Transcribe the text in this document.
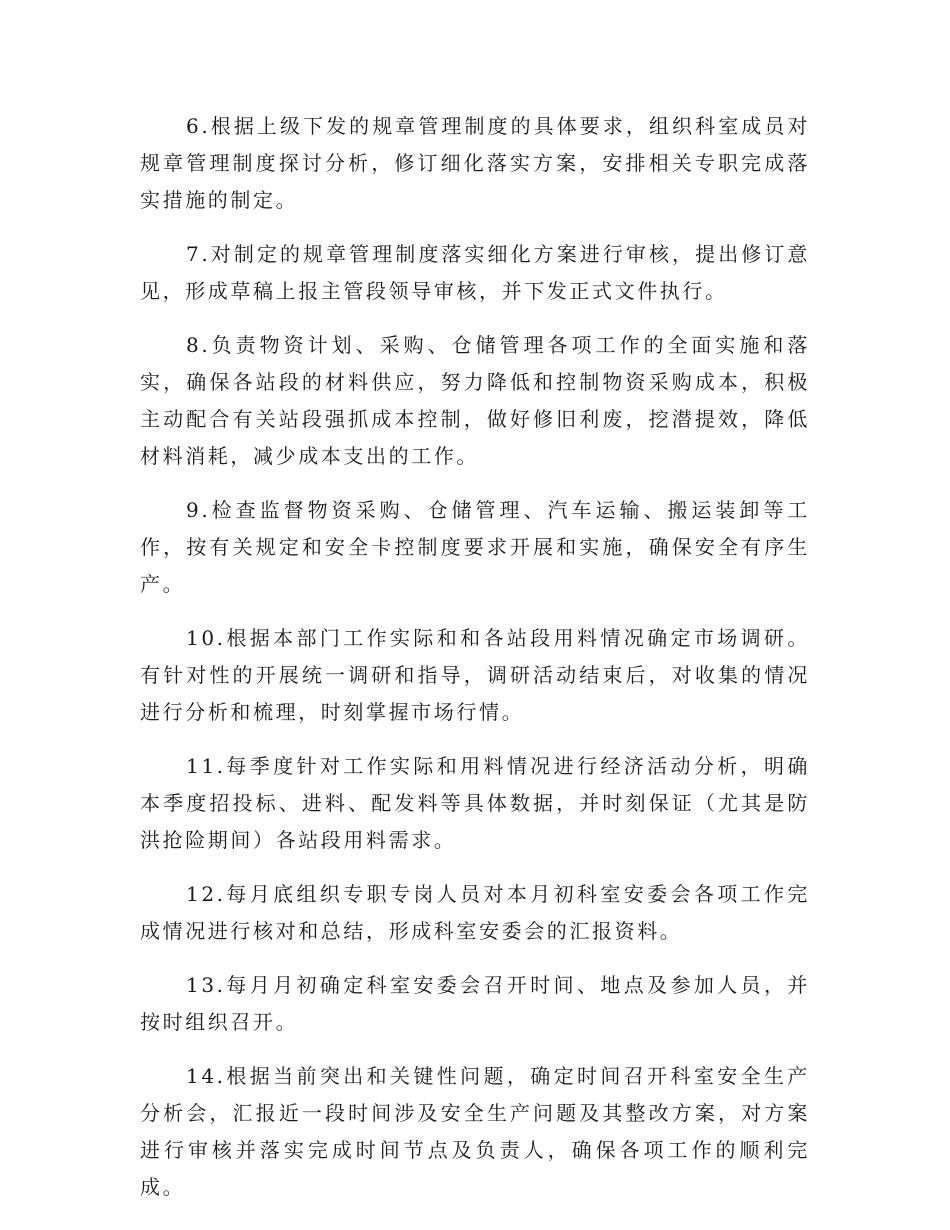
6.根据上级下发的规章管理制度的具体要求，组织科室成员对规章管理制度探讨分析，修订细化落实方案，安排相关专职完成落实措施的制定。

7.对制定的规章管理制度落实细化方案进行审核，提出修订意见，形成草稿上报主管段领导审核，并下发正式文件执行。

8.负责物资计划、采购、仓储管理各项工作的全面实施和落实，确保各站段的材料供应，努力降低和控制物资采购成本，积极主动配合有关站段强抓成本控制，做好修旧利废，挖潜提效，降低材料消耗，减少成本支出的工作。

9.检查监督物资采购、仓储管理、汽车运输、搬运装卸等工作，按有关规定和安全卡控制度要求开展和实施，确保安全有序生产。

10.根据本部门工作实际和和各站段用料情况确定市场调研。有针对性的开展统一调研和指导，调研活动结束后，对收集的情况进行分析和梳理，时刻掌握市场行情。

11.每季度针对工作实际和用料情况进行经济活动分析，明确本季度招投标、进料、配发料等具体数据，并时刻保证（尤其是防洪抢险期间）各站段用料需求。

12.每月底组织专职专岗人员对本月初科室安委会各项工作完成情况进行核对和总结，形成科室安委会的汇报资料。

13.每月月初确定科室安委会召开时间、地点及参加人员，并按时组织召开。

14.根据当前突出和关键性问题，确定时间召开科室安全生产分析会，汇报近一段时间涉及安全生产问题及其整改方案，对方案进行审核并落实完成时间节点及负责人，确保各项工作的顺利完成。
